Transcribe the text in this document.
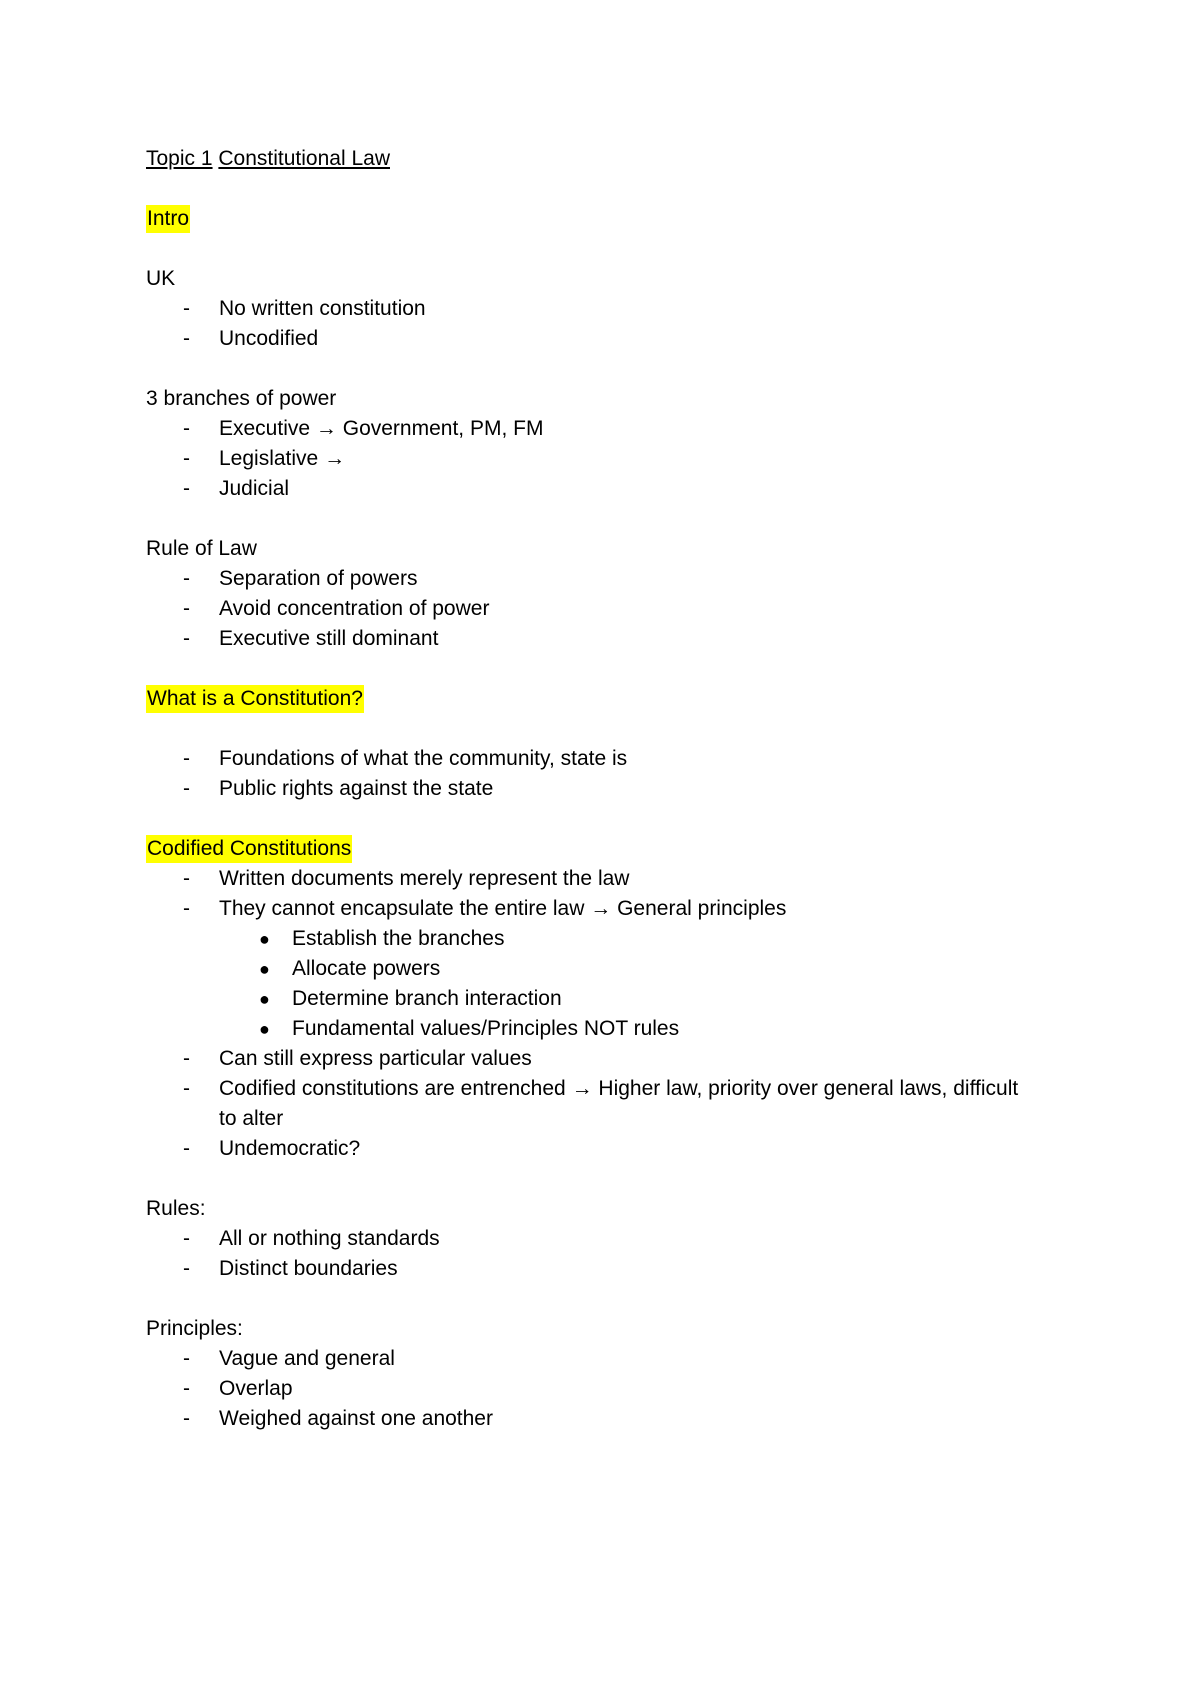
Topic 1 Constitutional Law
Intro
UK
- No written constitution
- Uncodified
3 branches of power
- Executive → Government, PM, FM
- Legislative →
- Judicial
Rule of Law
- Separation of powers
- Avoid concentration of power
- Executive still dominant
What is a Constitution?
- Foundations of what the community, state is
- Public rights against the state
Codified Constitutions
- Written documents merely represent the law
- They cannot encapsulate the entire law → General principles
● Establish the branches
● Allocate powers
● Determine branch interaction
● Fundamental values/Principles NOT rules
- Can still express particular values
- Codified constitutions are entrenched → Higher law, priority over general laws, difficult to alter
- Undemocratic?
Rules:
- All or nothing standards
- Distinct boundaries
Principles:
- Vague and general
- Overlap
- Weighed against one another
